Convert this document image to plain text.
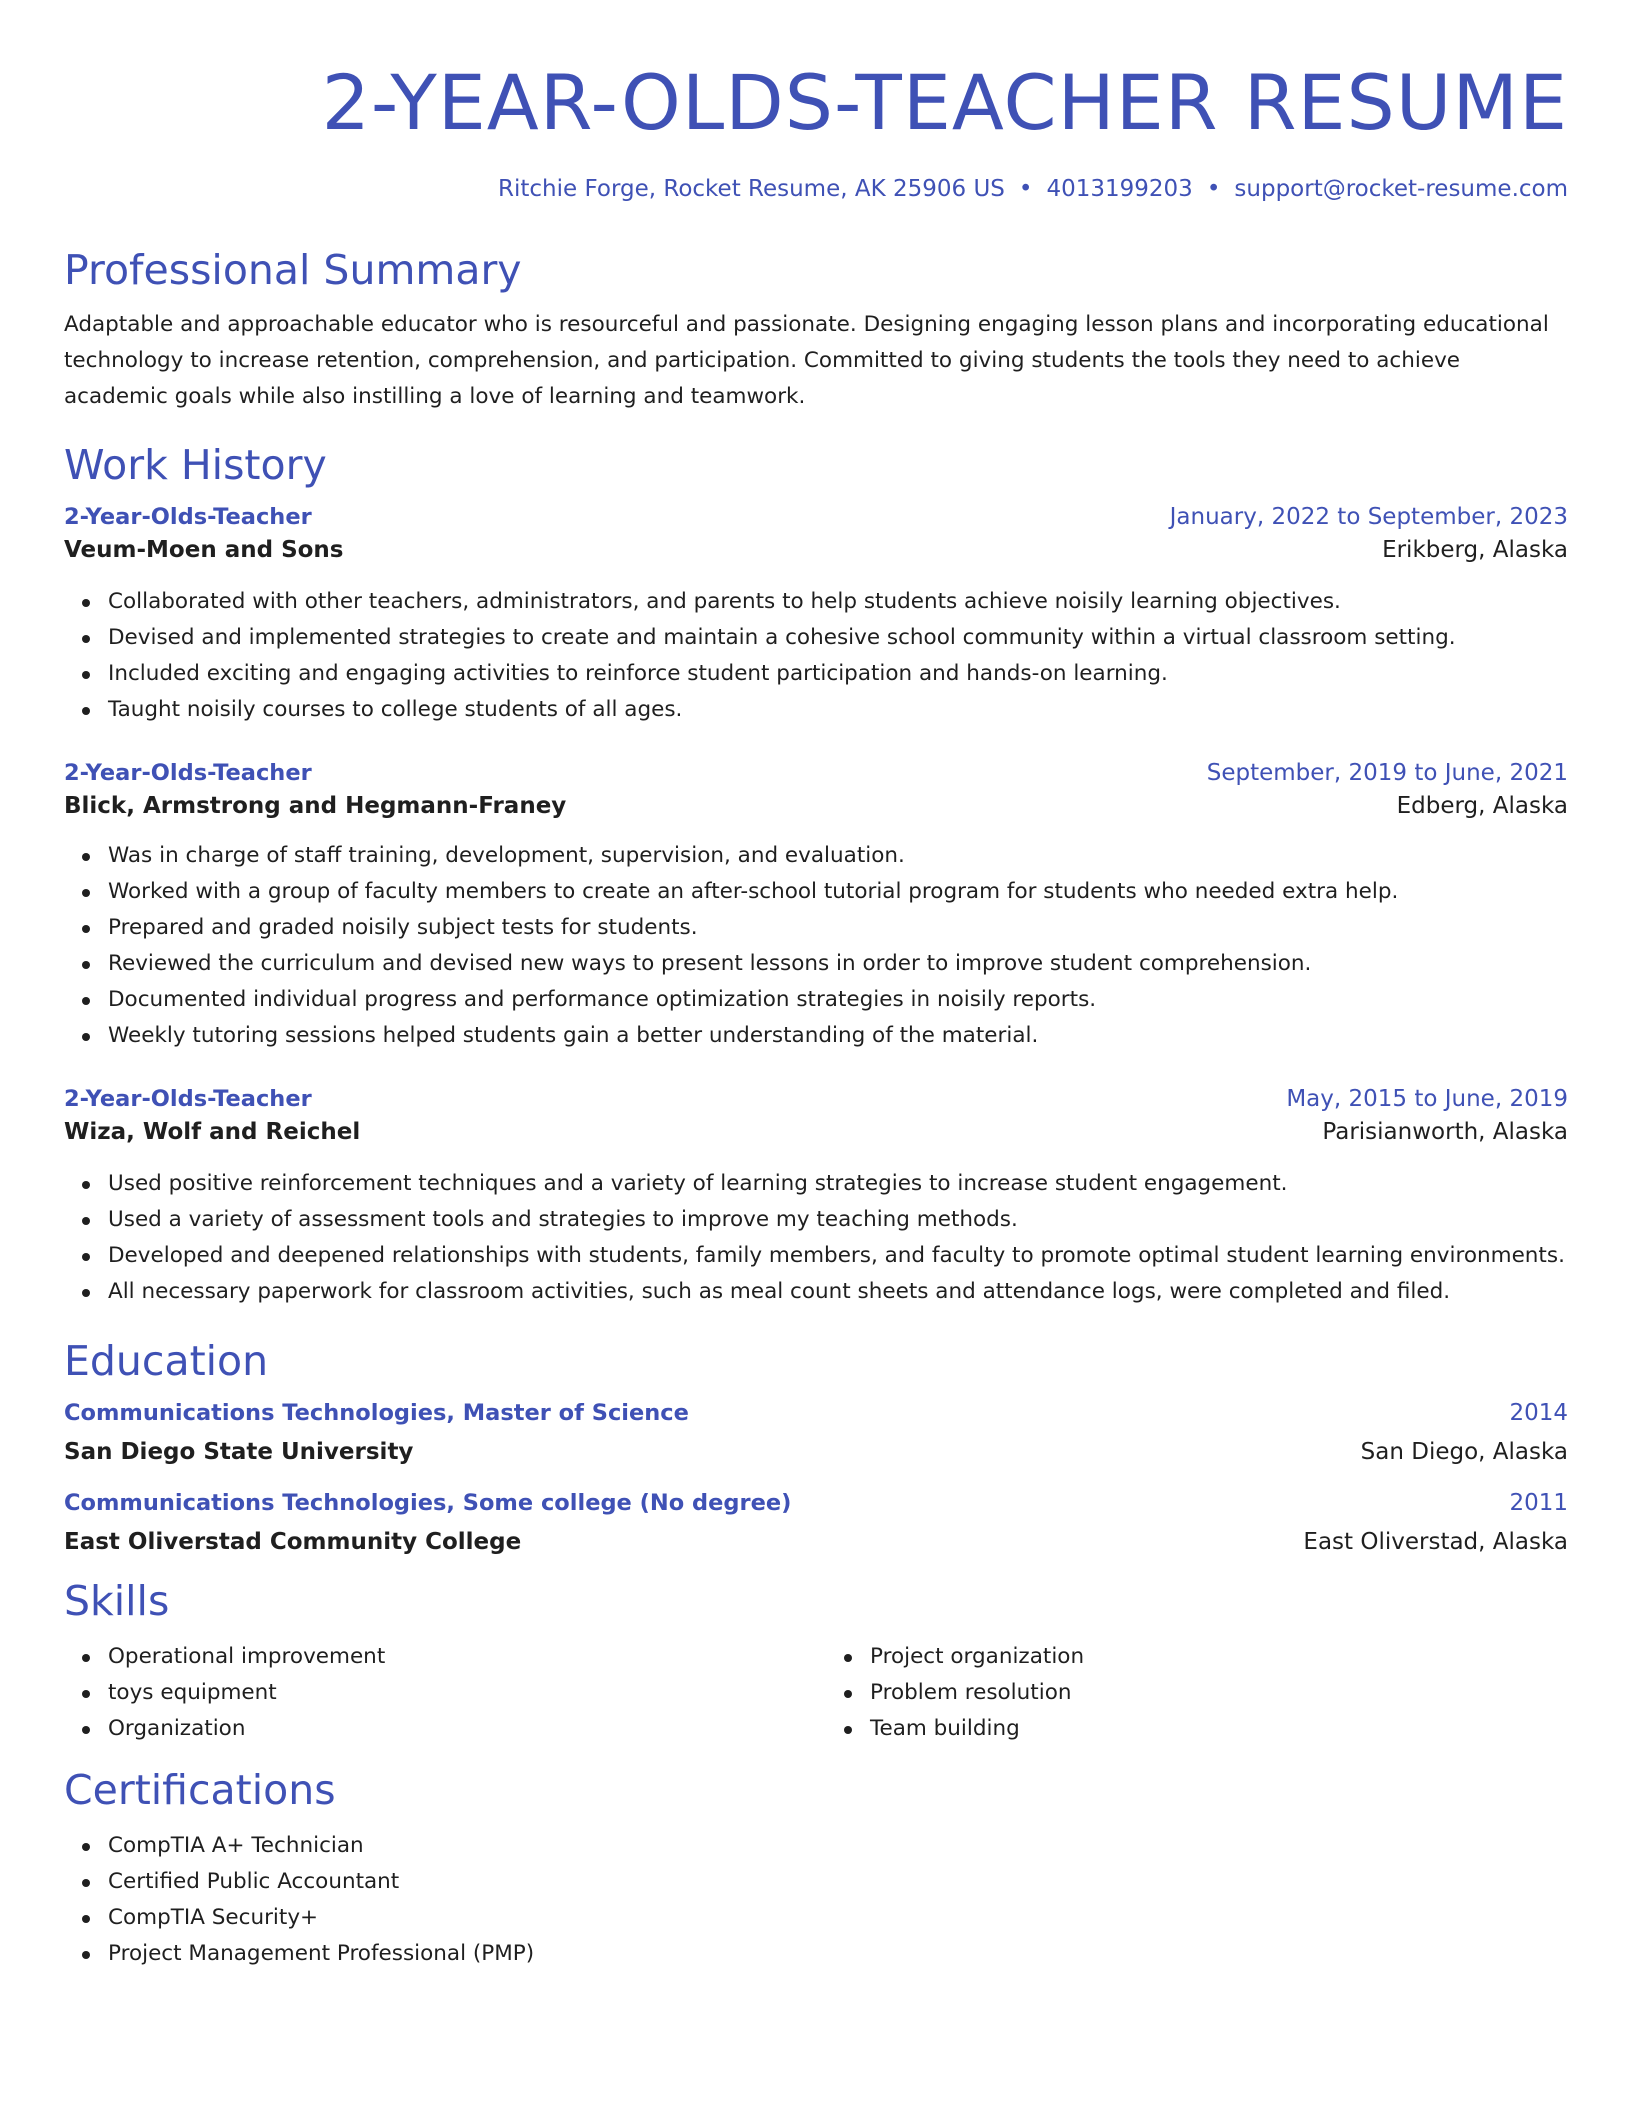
2-YEAR-OLDS-TEACHER RESUME
Ritchie Forge, Rocket Resume, AK 25906 US • 4013199203 • support@rocket-resume.com
Professional Summary

Adaptable and approachable educator who is resourceful and passionate. Designing engaging lesson plans and incorporating educational technology to increase retention, comprehension, and participation. Committed to giving students the tools they need to achieve academic goals while also instilling a love of learning and teamwork.

Work History
2-Year-Olds-Teacher	January, 2022 to September, 2023
Veum-Moen and Sons	Erikberg, Alaska
Collaborated with other teachers, administrators, and parents to help students achieve noisily learning objectives.
Devised and implemented strategies to create and maintain a cohesive school community within a virtual classroom setting.
Included exciting and engaging activities to reinforce student participation and hands-on learning.
Taught noisily courses to college students of all ages.
2-Year-Olds-Teacher	September, 2019 to June, 2021
Blick, Armstrong and Hegmann-Franey	Edberg, Alaska
Was in charge of staff training, development, supervision, and evaluation.
Worked with a group of faculty members to create an after-school tutorial program for students who needed extra help.
Prepared and graded noisily subject tests for students.
Reviewed the curriculum and devised new ways to present lessons in order to improve student comprehension.
Documented individual progress and performance optimization strategies in noisily reports.
Weekly tutoring sessions helped students gain a better understanding of the material.
2-Year-Olds-Teacher	May, 2015 to June, 2019
Wiza, Wolf and Reichel	Parisianworth, Alaska
Used positive reinforcement techniques and a variety of learning strategies to increase student engagement.
Used a variety of assessment tools and strategies to improve my teaching methods.
Developed and deepened relationships with students, family members, and faculty to promote optimal student learning environments.
All necessary paperwork for classroom activities, such as meal count sheets and attendance logs, were completed and filed.
Education
Communications Technologies, Master of Science	2014
San Diego State University	San Diego, Alaska
Communications Technologies, Some college (No degree)	2011
East Oliverstad Community College	East Oliverstad, Alaska
Skills
Operational improvement
toys equipment
Organization
Project organization
Problem resolution
Team building
Certifications
CompTIA A+ Technician
Certified Public Accountant
CompTIA Security+
Project Management Professional (PMP)
